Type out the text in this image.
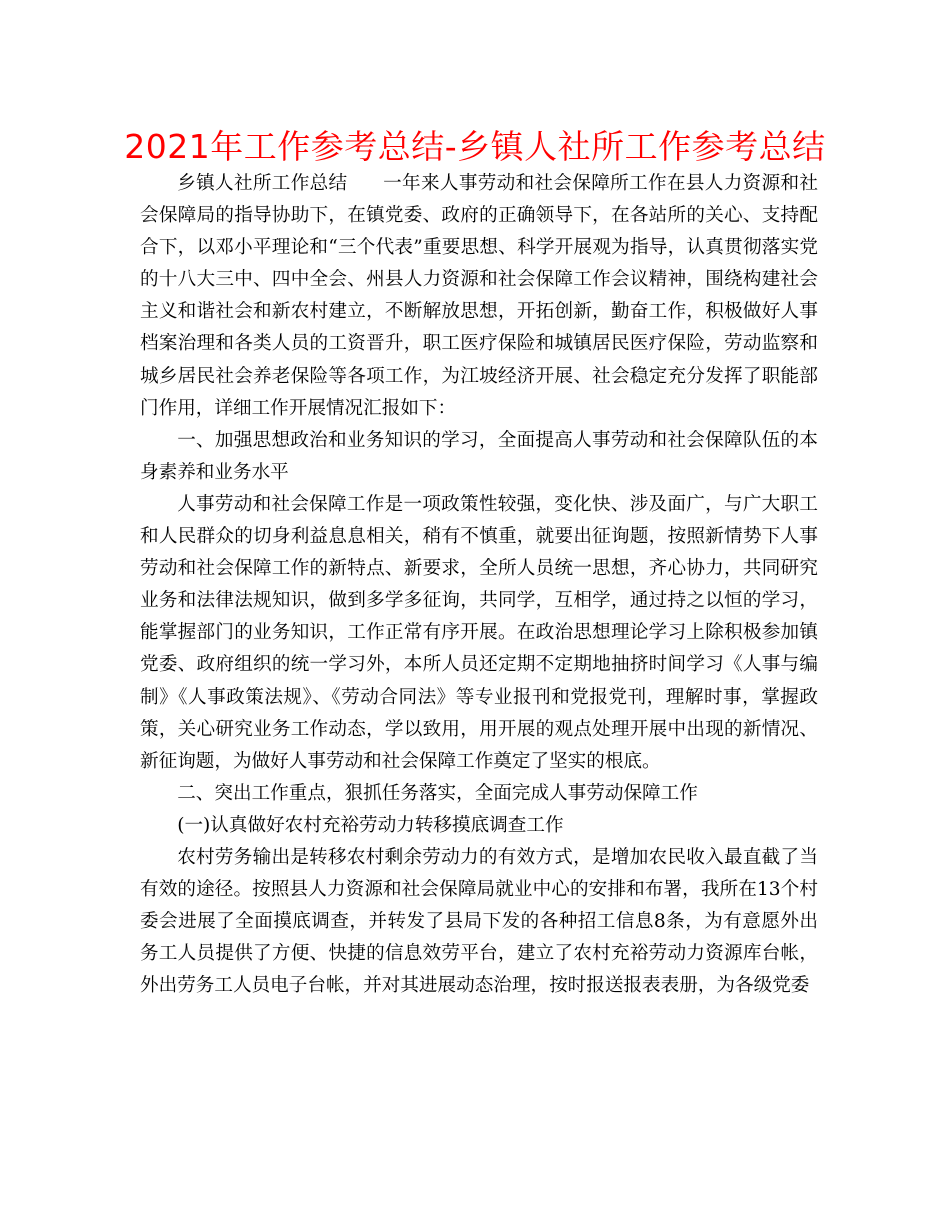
2021年工作参考总结-乡镇人社所工作参考总结

乡镇人社所工作总结 一年来人事劳动和社会保障所工作在县人力资源和社会保障局的指导协助下，在镇党委、政府的正确领导下，在各站所的关心、支持配合下，以邓小平理论和“三个代表”重要思想、科学开展观为指导，认真贯彻落实党的十八大三中、四中全会、州县人力资源和社会保障工作会议精神，围绕构建社会主义和谐社会和新农村建立，不断解放思想，开拓创新，勤奋工作，积极做好人事档案治理和各类人员的工资晋升，职工医疗保险和城镇居民医疗保险，劳动监察和城乡居民社会养老保险等各项工作，为江坡经济开展、社会稳定充分发挥了职能部门作用，详细工作开展情况汇报如下：

一、加强思想政治和业务知识的学习，全面提高人事劳动和社会保障队伍的本身素养和业务水平

人事劳动和社会保障工作是一项政策性较强，变化快、涉及面广，与广大职工和人民群众的切身利益息息相关，稍有不慎重，就要出征询题，按照新情势下人事劳动和社会保障工作的新特点、新要求，全所人员统一思想，齐心协力，共同研究业务和法律法规知识，做到多学多征询，共同学，互相学，通过持之以恒的学习，能掌握部门的业务知识，工作正常有序开展。在政治思想理论学习上除积极参加镇党委、政府组织的统一学习外，本所人员还定期不定期地抽挤时间学习《人事与编制》《人事政策法规》、《劳动合同法》等专业报刊和党报党刊，理解时事，掌握政策，关心研究业务工作动态，学以致用，用开展的观点处理开展中出现的新情况、新征询题，为做好人事劳动和社会保障工作奠定了坚实的根底。

二、突出工作重点，狠抓任务落实，全面完成人事劳动保障工作

(一)认真做好农村充裕劳动力转移摸底调查工作

农村劳务输出是转移农村剩余劳动力的有效方式，是增加农民收入最直截了当有效的途径。按照县人力资源和社会保障局就业中心的安排和布署，我所在13个村委会进展了全面摸底调查，并转发了县局下发的各种招工信息8条，为有意愿外出务工人员提供了方便、快捷的信息效劳平台，建立了农村充裕劳动力资源库台帐，外出劳务工人员电子台帐，并对其进展动态治理，按时报送报表表册，为各级党委
